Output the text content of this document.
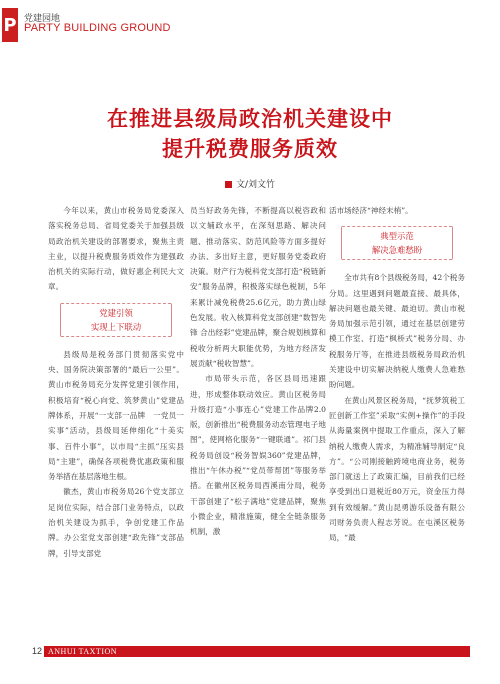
P 党建园地
PARTY BUILDING GROUND
在推进县级局政治机关建设中
提升税费服务质效
文/刘文竹

今年以来，黄山市税务局党委深入落实税务总局、省局党委关于加强县级局政治机关建设的部署要求，聚焦主责主业，以提升税费服务质效作为建强政治机关的实际行动，做好惠企利民大文章。

党建引领
实现上下联动

县级局是税务部门贯彻落实党中央、国务院决策部署的“最后一公里”。黄山市税务局充分发挥党建引领作用，积极培育“税心向党、筑梦黄山”党建品牌体系，开展“一支部一品牌　一党员一实事”活动，县级局延伸细化“十美实事、百件小事”，以市局“主抓”压实县局“主建”，确保各项税费优惠政策和服务举措在基层落地生根。

徽杰，黄山市税务局26个党支部立足岗位实际，结合部门业务特点，以政治机关建设为抓手，争创党建工作品牌。办公室党支部创建“政先锋”支部品牌，引导支部党

员当好政务先锋，不断提高以税咨政和以文辅政水平，在深刻思路、解决问题、推动落实、防范风险等方面多提好办法、多出好主意，更好服务党委政府决策。财产行为税科党支部打造“税链新安”服务品牌，积极落实绿色税制，5年来累计减免税费25.6亿元，助力黄山绿色发展。收入核算科党支部创建“数智先锋 合出经彩”党建品牌，聚合规划核算和税收分析两大职能优势，为地方经济发展贡献“税收智慧”。

市局带头示范，各区县局迅速跟进，形成整体联动效应。黄山区税务局升级打造“小事连心”党建工作品牌2.0版，创新推出“税费服务动态管理电子地图”，使网格化服务“一键联通”。祁门县税务局创设“税务智娱360”党建品牌，推出“午休办税”“党员带帮团”等服务举措。在徽州区税务局西溪南分局，税务干部创建了“松子满地”党建品牌，聚焦小微企业，精准施策，健全全链条服务机制，激

活市场经济“神经末梢”。

典型示范
解决急难愁盼

全市共有8个县级税务局，42个税务分局。这里遇到问题最直接、最具体，解决问题也最关键、最迫切。黄山市税务局加强示范引领，通过在基层创建劳模工作室、打造“枫桥式”税务分局、办税服务厅等，在推进县级税务局政治机关建设中切实解决纳税人缴费人急难愁盼问题。

在黄山风景区税务局，“抚梦筑税工匠创新工作室”采取“实例+操作”的手段从海量案例中提取工作重点，深入了解纳税人缴费人需求，为精准辅导制定“良方”。“公司刚接触跨境电商业务，税务部门就送上了政策汇编，目前我们已经享受到出口退税近80万元，资金压力得到有效缓解。”黄山昆勇游乐设备有限公司财务负责人程志芳说。在屯溪区税务局，“最

12 ANHUI TAXTION
